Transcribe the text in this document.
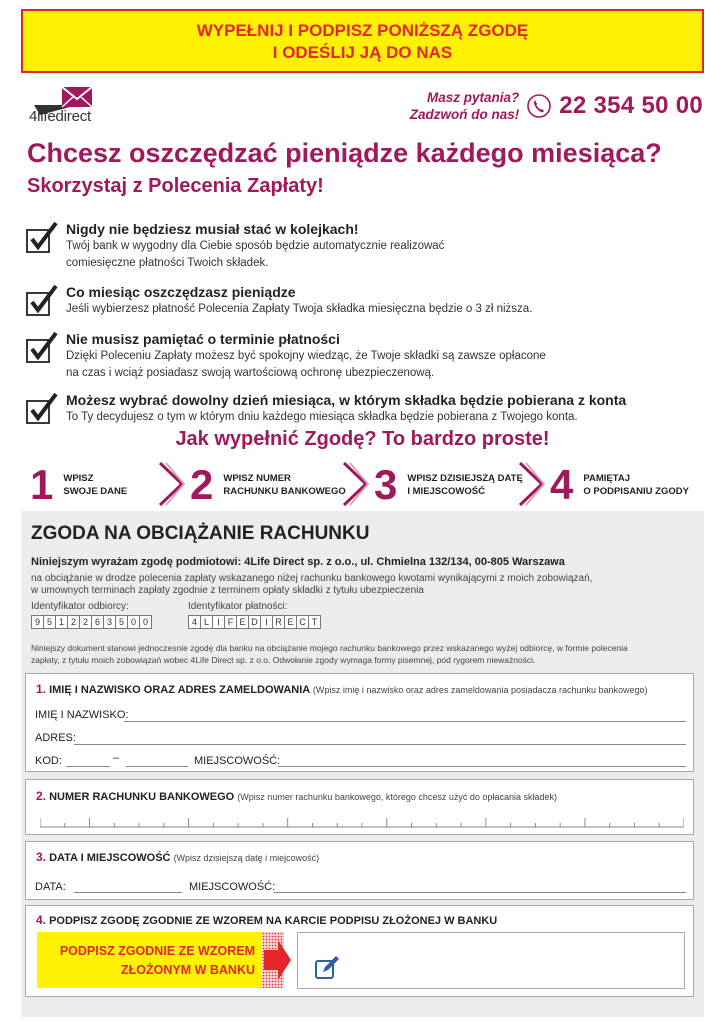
WYPEŁNIJ I PODPISZ PONIŻSZĄ ZGODĘ
I ODEŚLIJ JĄ DO NAS
4lifedirect
Masz pytania?
Zadzwoń do nas! 22 354 50 00
Chcesz oszczędzać pieniądze każdego miesiąca?
Skorzystaj z Polecenia Zapłaty!
Nigdy nie będziesz musiał stać w kolejkach!
Twój bank w wygodny dla Ciebie sposób będzie automatycznie realizować
comiesięczne płatności Twoich składek.
Co miesiąc oszczędzasz pieniądze
Jeśli wybierzesz płatność Polecenia Zapłaty Twoja składka miesięczna będzie o 3 zł niższa.
Nie musisz pamiętać o terminie płatności
Dzięki Poleceniu Zapłaty możesz być spokojny wiedząc, że Twoje składki są zawsze opłacone
na czas i wciąż posiadasz swoją wartościową ochronę ubezpieczenową.
Możesz wybrać dowolny dzień miesiąca, w którym składka będzie pobierana z konta
To Ty decydujesz o tym w którym dniu każdego miesiąca składka będzie pobierana z Twojego konta.
Jak wypełnić Zgodę? To bardzo proste!
1 WPISZ
SWOJE DANE 2 WPISZ NUMER
RACHUNKU BANKOWEGO 3 WPISZ DZISIEJSZĄ DATĘ
I MIEJSCOWOŚĆ	4 PAMIĘTAJ
O PODPISANIU ZGODY
ZGODA NA OBCIĄŻANIE RACHUNKU
Niniejszym wyrażam zgodę podmiotowi: 4Life Direct sp. z o.o., ul. Chmielna 132/134, 00-805 Warszawa
na obciążanie w drodze polecenia zapłaty wskazanego niżej rachunku bankowego kwotami wynikającymi z moich zobowiązań,
w umownych terminach zapłaty zgodnie z terminem opłaty składki z tytułu ubezpieczenia
Identyfikator odbiorcy:
9 5 1 2 2 6 3 5 0 0
Identyfikator płatności:
4 L I F E D I R E C T
Niniejszy dokument stanowi jednoczesnie zgodę dla banku na obciążanie mojego rachunku bankowego przez wskazanego wyżej odbiorcę, w formie polecenia
zapłaty, z tytułu moich zobowiązań wobec 4Life Direct sp. z o.o. Odwołanie zgody wymaga formy pisemnej, pod rygorem nieważności.
1. IMIĘ I NAZWISKO ORAZ ADRES ZAMELDOWANIA (Wpisz imię i nazwisko oraz adres zameldowania posiadacza rachunku bankowego)
IMIĘ I NAZWISKO:
ADRES:
KOD:	–	MIEJSCOWOŚĆ:
2. NUMER RACHUNKU BANKOWEGO (Wpisz numer rachunku bankowego, którego chcesz użyć do opłacania składek)
3. DATA I MIEJSCOWOŚĆ (Wpisz dzisiejszą datę i miejcowość)
DATA:	MIEJSCOWOŚĆ:
4. PODPISZ ZGODĘ ZGODNIE ZE WZOREM NA KARCIE PODPISU ZŁOŻONEJ W BANKU
PODPISZ ZGODNIE ZE WZOREM
ZŁOŻONYM W BANKU
